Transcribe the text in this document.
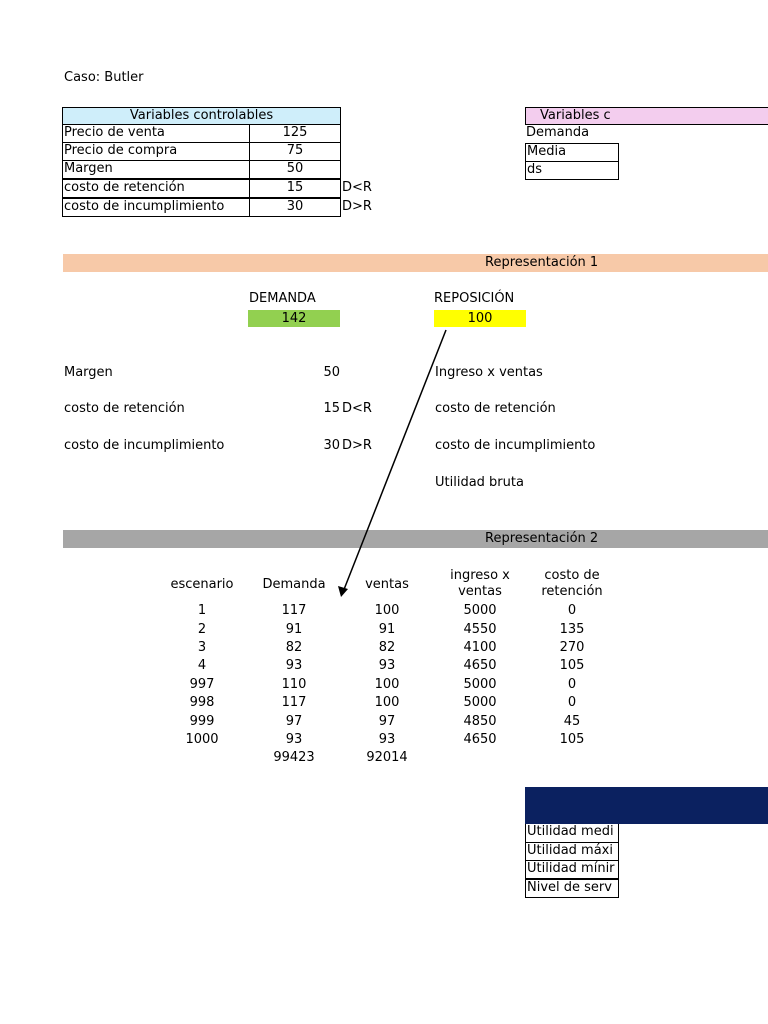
Caso: Butler
Variables controlables
Precio de venta	125
Precio de compra	75
Margen	50
costo de retención	15	D<R
costo de incumplimiento	30	D>R
Variables c
Demanda
Media
ds
Representación 1
DEMANDA
142
REPOSICIÓN
100
Margen	50
costo de retención	15 D<R
costo de incumplimiento	30 D>R
Ingreso x ventas
costo de retención
costo de incumplimiento
Utilidad bruta
Representación 2
escenario	Demanda	ventas
ingreso x
ventas
costo de
retención
1	117	100	5000	0
2	91	91	4550	135
3	82	82	4100	270
4	93	93	4650	105
997	110	100	5000	0
998	117	100	5000	0
999	97	97	4850	45
1000	93	93	4650	105
	99423	92014		
Utilidad medi
Utilidad máxi
Utilidad mínir
Nivel de serv
